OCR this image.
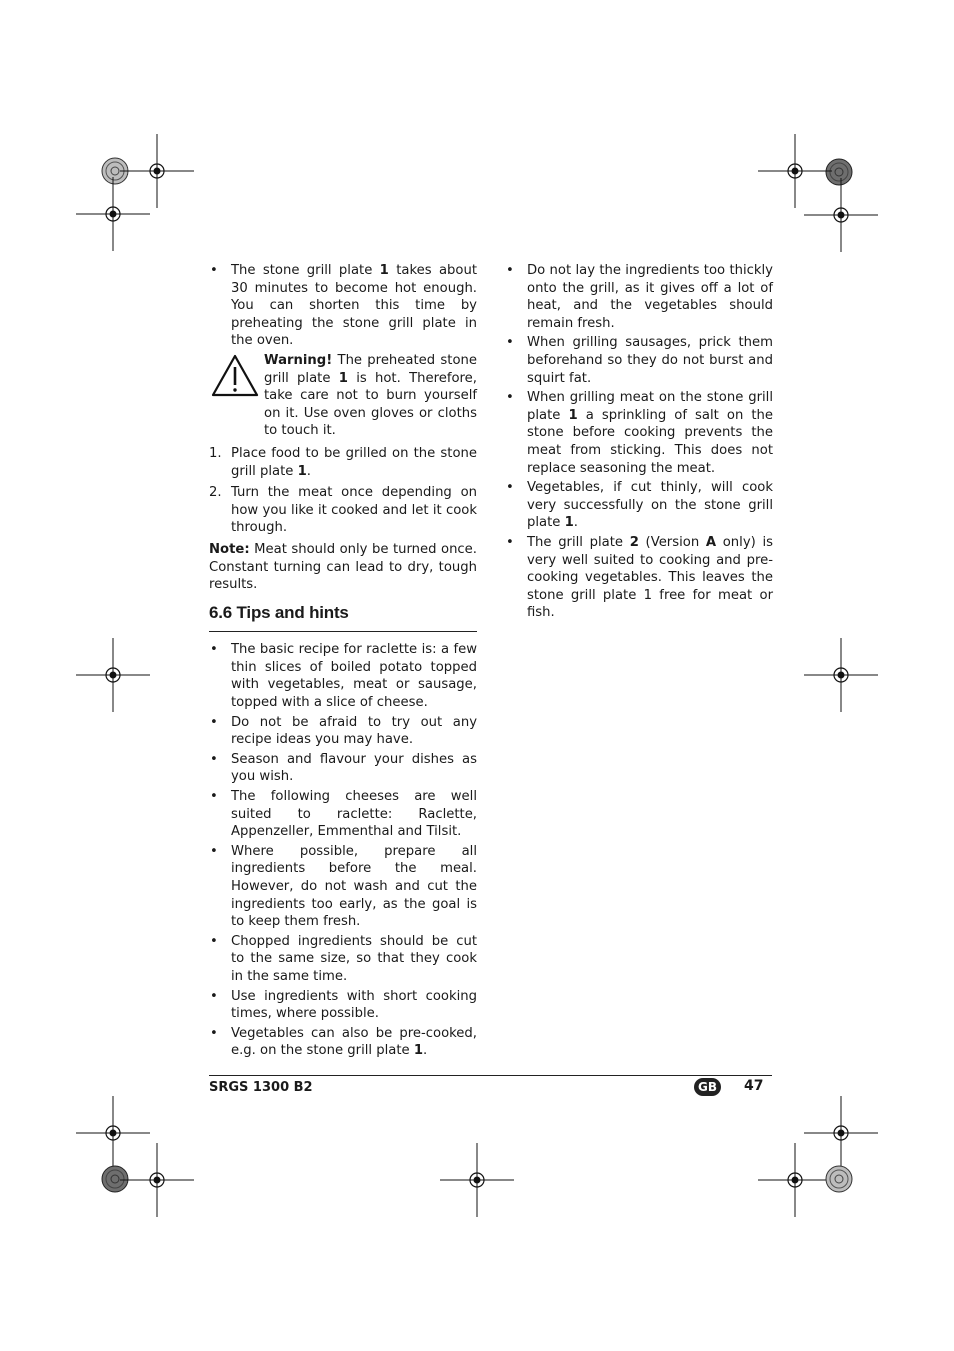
• The stone grill plate 1 takes about 30 minutes to become hot enough. You can shorten this time by preheating the stone grill plate in the oven.
Warning! The preheated stone grill plate 1 is hot. Therefore, take care not to burn yourself on it. Use oven gloves or cloths to touch it.
1. Place food to be grilled on the stone grill plate 1.
2. Turn the meat once depending on how you like it cooked and let it cook through.

Note: Meat should only be turned once. Constant turning can lead to dry, tough results.

6.6 Tips and hints
• The basic recipe for raclette is: a few thin slices of boiled potato topped with vegetables, meat or sausage, topped with a slice of cheese.
• Do not be afraid to try out any recipe ideas you may have.
• Season and flavour your dishes as you wish.
• The following cheeses are well suited to raclette: Raclette, Appenzeller, Emmenthal and Tilsit.
• Where possible, prepare all ingredients before the meal. However, do not wash and cut the ingredients too early, as the goal is to keep them fresh.
• Chopped ingredients should be cut to the same size, so that they cook in the same time.
• Use ingredients with short cooking times, where possible.
• Vegetables can also be pre-cooked, e.g. on the stone grill plate 1.
• Do not lay the ingredients too thickly onto the grill, as it gives off a lot of heat, and the vegetables should remain fresh.
• When grilling sausages, prick them beforehand so they do not burst and squirt fat.
• When grilling meat on the stone grill plate 1 a sprinkling of salt on the stone before cooking prevents the meat from sticking. This does not replace seasoning the meat.
• Vegetables, if cut thinly, will cook very successfully on the stone grill plate 1.
• The grill plate 2 (Version A only) is very well suited to cooking and pre-cooking vegetables. This leaves the stone grill plate 1 free for meat or fish.
SRGS 1300 B2	GB 47
